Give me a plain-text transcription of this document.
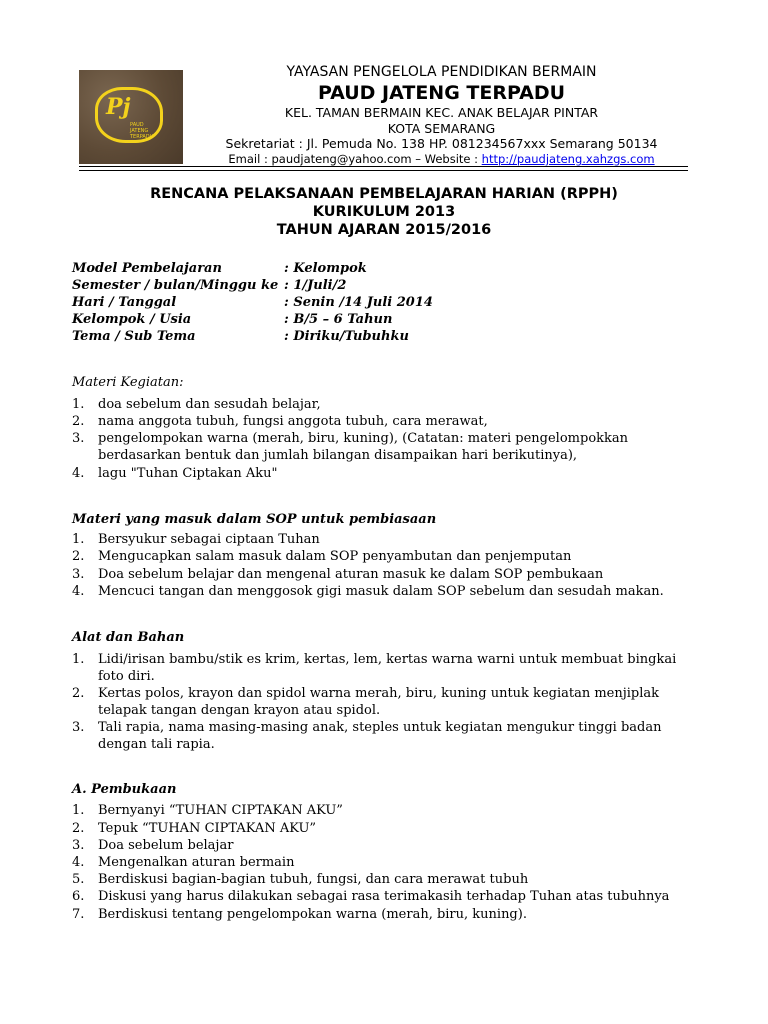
Pj
PAUD JATENG TERPADU
YAYASAN PENGELOLA PENDIDIKAN BERMAIN
PAUD JATENG TERPADU
KEL. TAMAN BERMAIN KEC. ANAK BELAJAR PINTAR
KOTA SEMARANG
Sekretariat : Jl. Pemuda No. 138 HP. 081234567xxx Semarang 50134
Email : paudjateng@yahoo.com – Website : http://paudjateng.xahzgs.com
RENCANA PELAKSANAAN PEMBELAJARAN HARIAN (RPPH)
KURIKULUM 2013
TAHUN AJARAN 2015/2016
Model Pembelajaran	: Kelompok
Semester / bulan/Minggu ke : 1/Juli/2
Hari / Tanggal	: Senin /14 Juli 2014
Kelompok / Usia	: B/5 – 6 Tahun
Tema / Sub Tema	: Diriku/Tubuhku
Materi Kegiatan:
1. doa sebelum dan sesudah belajar,
2. nama anggota tubuh, fungsi anggota tubuh, cara merawat,
3. pengelompokan warna (merah, biru, kuning), (Catatan: materi pengelompokkan berdasarkan bentuk dan jumlah bilangan disampaikan hari berikutinya),
4. lagu "Tuhan Ciptakan Aku"
Materi yang masuk dalam SOP untuk pembiasaan
1. Bersyukur sebagai ciptaan Tuhan
2. Mengucapkan salam masuk dalam SOP penyambutan dan penjemputan
3. Doa sebelum belajar dan mengenal aturan masuk ke dalam SOP pembukaan
4. Mencuci tangan dan menggosok gigi masuk dalam SOP sebelum dan sesudah makan.
Alat dan Bahan
1. Lidi/irisan bambu/stik es krim, kertas, lem, kertas warna warni untuk membuat bingkai foto diri.
2. Kertas polos, krayon dan spidol warna merah, biru, kuning untuk kegiatan menjiplak telapak tangan dengan krayon atau spidol.
3. Tali rapia, nama masing-masing anak, steples untuk kegiatan mengukur tinggi badan dengan tali rapia.
A. Pembukaan
1. Bernyanyi “TUHAN CIPTAKAN AKU”
2. Tepuk “TUHAN CIPTAKAN AKU”
3. Doa sebelum belajar
4. Mengenalkan aturan bermain
5. Berdiskusi bagian-bagian tubuh, fungsi, dan cara merawat tubuh
6. Diskusi yang harus dilakukan sebagai rasa terimakasih terhadap Tuhan atas tubuhnya
7. Berdiskusi tentang pengelompokan warna (merah, biru, kuning).
